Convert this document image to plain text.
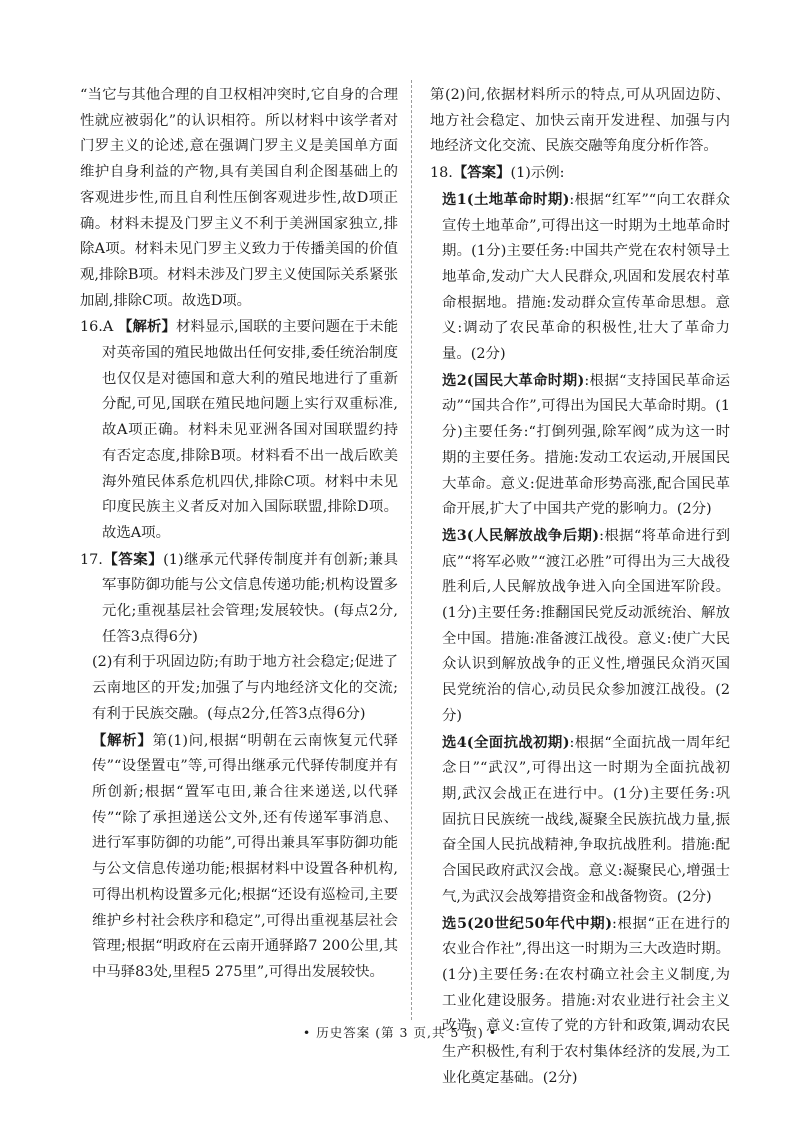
“当它与其他合理的自卫权相冲突时,它自身的合理性就应被弱化”的认识相符。所以材料中该学者对门罗主义的论述,意在强调门罗主义是美国单方面维护自身利益的产物,具有美国自利企图基础上的客观进步性,而且自利性压倒客观进步性,故D项正确。材料未提及门罗主义不利于美洲国家独立,排除A项。材料未见门罗主义致力于传播美国的价值观,排除B项。材料未涉及门罗主义使国际关系紧张加剧,排除C项。故选D项。

16.A 【解析】材料显示,国联的主要问题在于未能对英帝国的殖民地做出任何安排,委任统治制度也仅仅是对德国和意大利的殖民地进行了重新分配,可见,国联在殖民地问题上实行双重标准,故A项正确。材料未见亚洲各国对国联盟约持有否定态度,排除B项。材料看不出一战后欧美海外殖民体系危机四伏,排除C项。材料中未见印度民族主义者反对加入国际联盟,排除D项。故选A项。

17.【答案】(1)继承元代驿传制度并有创新;兼具军事防御功能与公文信息传递功能;机构设置多元化;重视基层社会管理;发展较快。(每点2分,任答3点得6分)

(2)有利于巩固边防;有助于地方社会稳定;促进了云南地区的开发;加强了与内地经济文化的交流;有利于民族交融。(每点2分,任答3点得6分)

【解析】第(1)问,根据“明朝在云南恢复元代驿传”“设堡置屯”等,可得出继承元代驿传制度并有所创新;根据“置军屯田,兼合往来递送,以代驿传”“除了承担递送公文外,还有传递军事消息、进行军事防御的功能”,可得出兼具军事防御功能与公文信息传递功能;根据材料中设置各种机构,可得出机构设置多元化;根据“还设有巡检司,主要维护乡村社会秩序和稳定”,可得出重视基层社会管理;根据“明政府在云南开通驿路7 200公里,其中马驿83处,里程5 275里”,可得出发展较快。

第(2)问,依据材料所示的特点,可从巩固边防、地方社会稳定、加快云南开发进程、加强与内地经济文化交流、民族交融等角度分析作答。

18.【答案】(1)示例:

选1(土地革命时期):根据“红军”“向工农群众宣传土地革命”,可得出这一时期为土地革命时期。(1分)主要任务:中国共产党在农村领导土地革命,发动广大人民群众,巩固和发展农村革命根据地。措施:发动群众宣传革命思想。意义:调动了农民革命的积极性,壮大了革命力量。(2分)

选2(国民大革命时期):根据“支持国民革命运动”“国共合作”,可得出为国民大革命时期。(1分)主要任务:“打倒列强,除军阀”成为这一时期的主要任务。措施:发动工农运动,开展国民大革命。意义:促进革命形势高涨,配合国民革命开展,扩大了中国共产党的影响力。(2分)

选3(人民解放战争后期):根据“将革命进行到底”“将军必败”“渡江必胜”可得出为三大战役胜利后,人民解放战争进入向全国进军阶段。(1分)主要任务:推翻国民党反动派统治、解放全中国。措施:准备渡江战役。意义:使广大民众认识到解放战争的正义性,增强民众消灭国民党统治的信心,动员民众参加渡江战役。(2分)

选4(全面抗战初期):根据“全面抗战一周年纪念日”“武汉”,可得出这一时期为全面抗战初期,武汉会战正在进行中。(1分)主要任务:巩固抗日民族统一战线,凝聚全民族抗战力量,振奋全国人民抗战精神,争取抗战胜利。措施:配合国民政府武汉会战。意义:凝聚民心,增强士气,为武汉会战筹措资金和战备物资。(2分)

选5(20世纪50年代中期):根据“正在进行的农业合作社”,得出这一时期为三大改造时期。(1分)主要任务:在农村确立社会主义制度,为工业化建设服务。措施:对农业进行社会主义改造。意义:宣传了党的方针和政策,调动农民生产积极性,有利于农村集体经济的发展,为工业化奠定基础。(2分)

• 历史答案 (第 3 页,共 5 页) •
